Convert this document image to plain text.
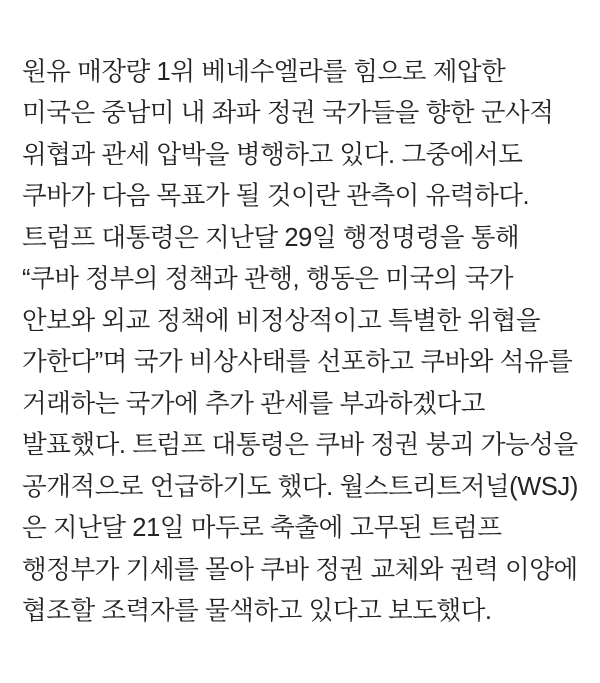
원유 매장량 1위 베네수엘라를 힘으로 제압한 미국은 중남미 내 좌파 정권 국가들을 향한 군사적 위협과 관세 압박을 병행하고 있다. 그중에서도 쿠바가 다음 목표가 될 것이란 관측이 유력하다. 트럼프 대통령은 지난달 29일 행정명령을 통해 “쿠바 정부의 정책과 관행, 행동은 미국의 국가 안보와 외교 정책에 비정상적이고 특별한 위협을 가한다”며 국가 비상사태를 선포하고 쿠바와 석유를 거래하는 국가에 추가 관세를 부과하겠다고 발표했다. 트럼프 대통령은 쿠바 정권 붕괴 가능성을 공개적으로 언급하기도 했다. 월스트리트저널(WSJ)은 지난달 21일 마두로 축출에 고무된 트럼프 행정부가 기세를 몰아 쿠바 정권 교체와 권력 이양에 협조할 조력자를 물색하고 있다고 보도했다.
